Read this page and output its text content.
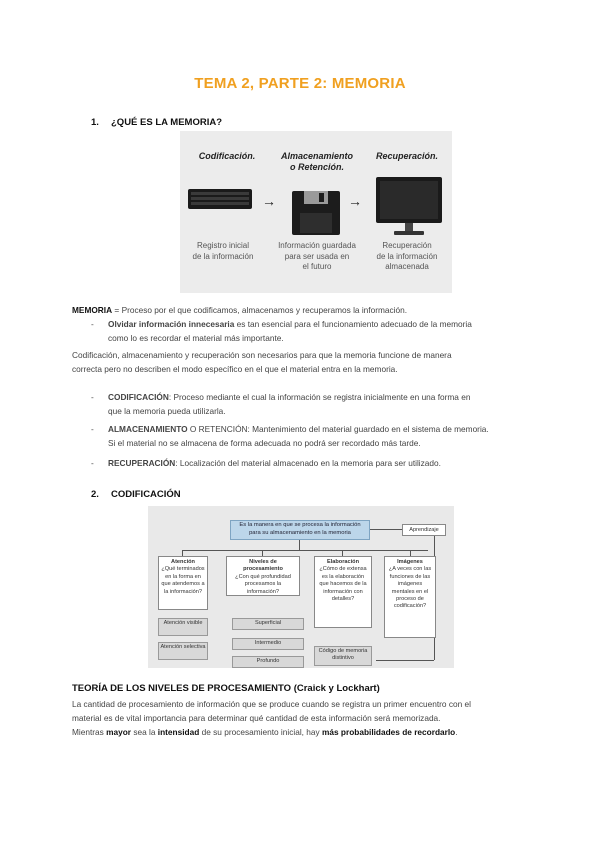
TEMA 2, PARTE 2: MEMORIA
1. ¿QUÉ ES LA MEMORIA?
Codificación.

Registro inicial
de la información
→
Almacenamiento
o Retención.
Información guardada
para ser usada en
el futuro
→
Recuperación.

Recuperación
de la información
almacenada
MEMORIA = Proceso por el que codificamos, almacenamos y recuperamos la información.
- Olvidar información innecesaria es tan esencial para el funcionamiento adecuado de la memoria
como lo es recordar el material más importante.
Codificación, almacenamiento y recuperación son necesarios para que la memoria funcione de manera
correcta pero no describen el modo específico en el que el material entra en la memoria.
- CODIFICACIÓN: Proceso mediante el cual la información se registra inicialmente en una forma en
que la memoria pueda utilizarla.
- ALMACENAMIENTO O RETENCIÓN: Mantenimiento del material guardado en el sistema de memoria.
Si el material no se almacena de forma adecuada no podrá ser recordado más tarde.
- RECUPERACIÓN: Localización del material almacenado en la memoria para ser utilizado.
2. CODIFICACIÓN
Es la manera en que se procesa la información
para su almacenamiento en la memoria	Aprendizaje
Atención
¿Qué terminados en la forma en que atendemos a la información?
Atención visible
Atención selectiva
Niveles de procesamiento
¿Con qué profundidad procesamos la información?
Superficial
Intermedio
Profundo
Elaboración
¿Cómo de extensa es la elaboración que hacemos de la información con detalles?
Código de memoria distintivo
Imágenes
¿A veces con las funciones de las imágenes mentales en el proceso de codificación?
TEORÍA DE LOS NIVELES DE PROCESAMIENTO (Craick y Lockhart)
La cantidad de procesamiento de información que se produce cuando se registra un primer encuentro con el
material es de vital importancia para determinar qué cantidad de esta información será memorizada.
Mientras mayor sea la intensidad de su procesamiento inicial, hay más probabilidades de recordarlo.
